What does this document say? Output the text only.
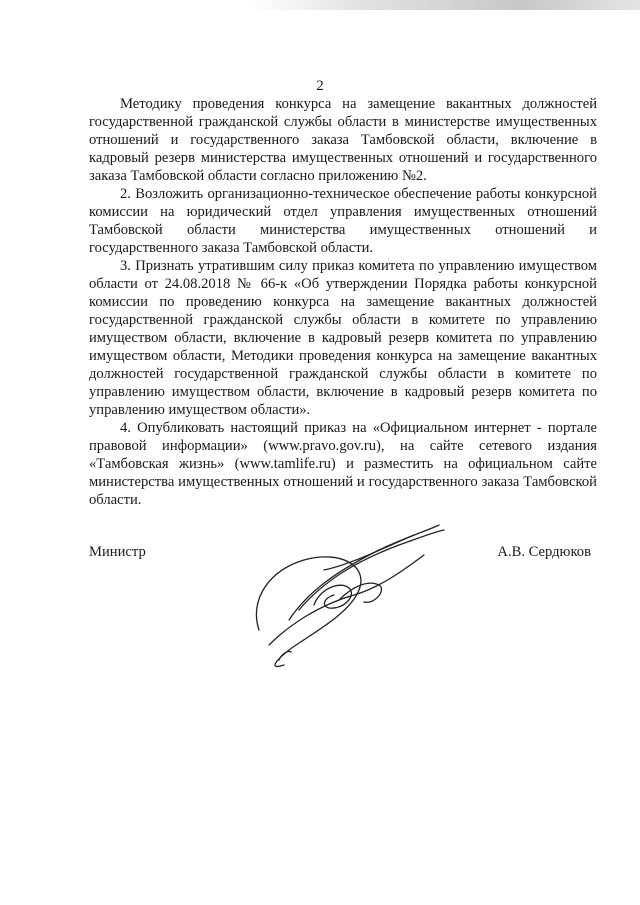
2

Методику проведения конкурса на замещение вакантных должностей государственной гражданской службы области в министерстве имущественных отношений и государственного заказа Тамбовской области, включение в кадровый резерв министерства имущественных отношений и государственного заказа Тамбовской области согласно приложению №2.

2. Возложить организационно-техническое обеспечение работы конкурсной комиссии на юридический отдел управления имущественных отношений Тамбовской области министерства имущественных отношений и государственного заказа Тамбовской области.

3. Признать утратившим силу приказ комитета по управлению имуществом области от 24.08.2018 № 66-к «Об утверждении Порядка работы конкурсной комиссии по проведению конкурса на замещение вакантных должностей государственной гражданской службы области в комитете по управлению имуществом области, включение в кадровый резерв комитета по управлению имуществом области, Методики проведения конкурса на замещение вакантных должностей государственной гражданской службы области в комитете по управлению имуществом области, включение в кадровый резерв комитета по управлению имуществом области».

4. Опубликовать настоящий приказ на «Официальном интернет - портале правовой информации» (www.pravo.gov.ru), на сайте сетевого издания «Тамбовская жизнь» (www.tamlife.ru) и разместить на официальном сайте министерства имущественных отношений и государственного заказа Тамбовской области.

Министр	А.В. Сердюков
